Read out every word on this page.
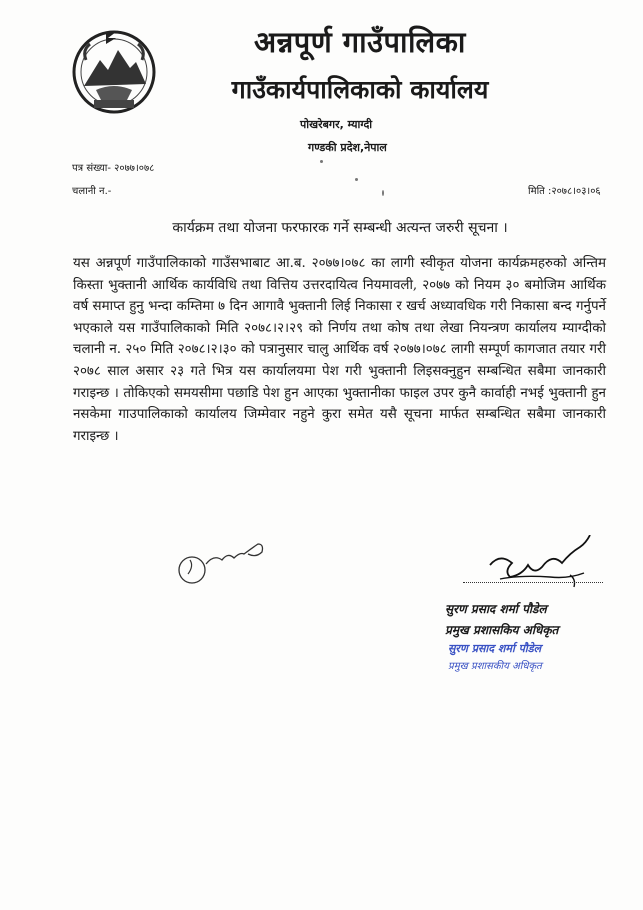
अन्नपूर्ण गाउँपालिका
गाउँकार्यपालिकाको कार्यालय
पोखरेबगर, म्याग्दी
गण्डकी प्रदेश,नेपाल
पत्र संख्या- २०७७।०७८
चलानी न.-	मिति :२०७८।०३।०६
कार्यक्रम तथा योजना फरफारक गर्ने सम्बन्धी अत्यन्त जरुरी सूचना ।

यस अन्नपूर्ण गाउँपालिकाको गाउँसभाबाट आ.ब. २०७७।०७८ का लागी स्वीकृत योजना कार्यक्रमहरुको अन्तिम किस्ता भुक्तानी आर्थिक कार्यविधि तथा वित्तिय उत्तरदायित्व नियमावली, २०७७ को नियम ३० बमोजिम आर्थिक वर्ष समाप्त हुनु भन्दा कम्तिमा ७ दिन आगावै भुक्तानी लिई निकासा र खर्च अध्यावधिक गरी निकासा बन्द गर्नुपर्ने भएकाले यस गाउँपालिकाको मिति २०७८।२।२९ को निर्णय तथा कोष तथा लेखा नियन्त्रण कार्यालय म्याग्दीको चलानी न. २५० मिति २०७८।२।३० को पत्रानुसार चालु आर्थिक वर्ष २०७७।०७८ लागी सम्पूर्ण कागजात तयार गरी २०७८ साल असार २३ गते भित्र यस कार्यालयमा पेश गरी भुक्तानी लिइसक्नुहुन सम्बन्धित सबैमा जानकारी गराइन्छ । तोकिएको समयसीमा पछाडि पेश हुन आएका भुक्तानीका फाइल उपर कुनै कार्वाही नभई भुक्तानी हुन नसकेमा गाउपालिकाको कार्यालय जिम्मेवार नहुने कुरा समेत यसै सूचना मार्फत सम्बन्धित सबैमा जानकारी गराइन्छ ।

सुरण प्रसाद शर्मा पौडेल
प्रमुख प्रशासकिय अधिकृत
सुरण प्रसाद शर्मा पौडेल
प्रमुख प्रशासकीय अधिकृत
